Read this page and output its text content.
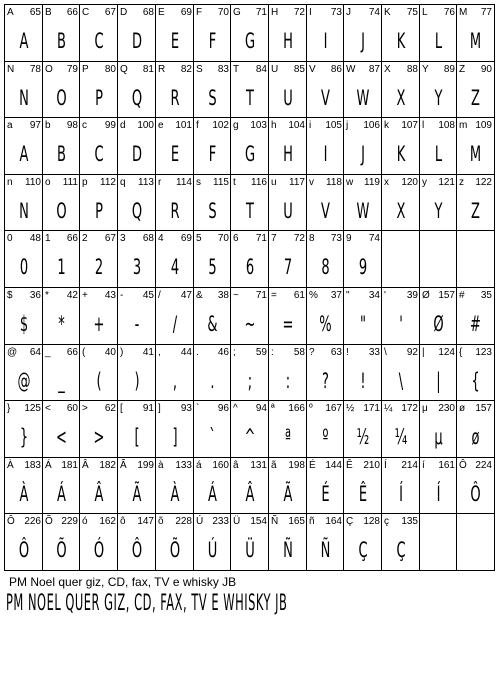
A 65
A
B 66
B
C 67
C
D 68
D
E 69
E
F 70
F
G 71
G
H 72
H
I 73
I
J 74
J
K 75
K
L 76
L
M 77
M
N 78
N
O 79
O
P 80
P
Q 81
Q
R 82
R
S 83
S
T 84
T
U 85
U
V 86
V
W 87
W
X 88
X
Y 89
Y
Z 90
Z
a 97
A
b 98
B
c 99
C
d 100
D
e 101
E
f 102
F
g 103
G
h 104
H
i 105
I
j 106
J
k 107
K
l 108
L
m 109
M
n 110
N
o 111
O
p 112
P
q 113
Q
r 114
R
s 115
S
t 116
T
u 117
U
v 118
V
w 119
W
x 120
X
y 121
Y
z 122
Z
0 48
0
1 66
1
2 67
2
3 68
3
4 69
4
5 70
5
6 71
6
7 72
7
8 73
8
9 74
9
$ 36
$
* 42
*
+ 43
+
- 45
-
/ 47
/
& 38
&
~ 71
~
= 61
=
% 37
%
" 34
"
' 39
'
Ø 157
Ø
# 35
#
@ 64
@
_ 66
_
( 40
(
) 41
)
, 44
,
. 46
.
; 59
;
: 58
:
? 63
?
! 33
!
\ 92
\
| 124
|
{ 123
{
} 125
}
< 60
<
> 62
>
[ 91
[
] 93
]
` 96
`
^ 94
^
ª 166
ª
º 167
º
½ 171
½
¼ 172
¼
μ 230
μ
ø 157
ø
À 183
À
Á 181
Á
Â 182
Â
Ã 199
Ã
à 133
À
á 160
Á
â 131
Â
ã 198
Ã
É 144
É
Ê 210
Ê
Í 214
Í
í 161
Í
Ô 224
Ô
Ô 226
Ô
Õ 229
Õ
ó 162
Ó
ô 147
Ô
õ 228
Õ
Ú 233
Ú
Ü 154
Ü
Ñ 165
Ñ
ñ 164
Ñ
Ç 128
Ç
ç 135
Ç
PM Noel quer giz, CD, fax, TV e whisky JB
PM NOEL QUER GIZ, CD, FAX, TV E WHISKY JB
